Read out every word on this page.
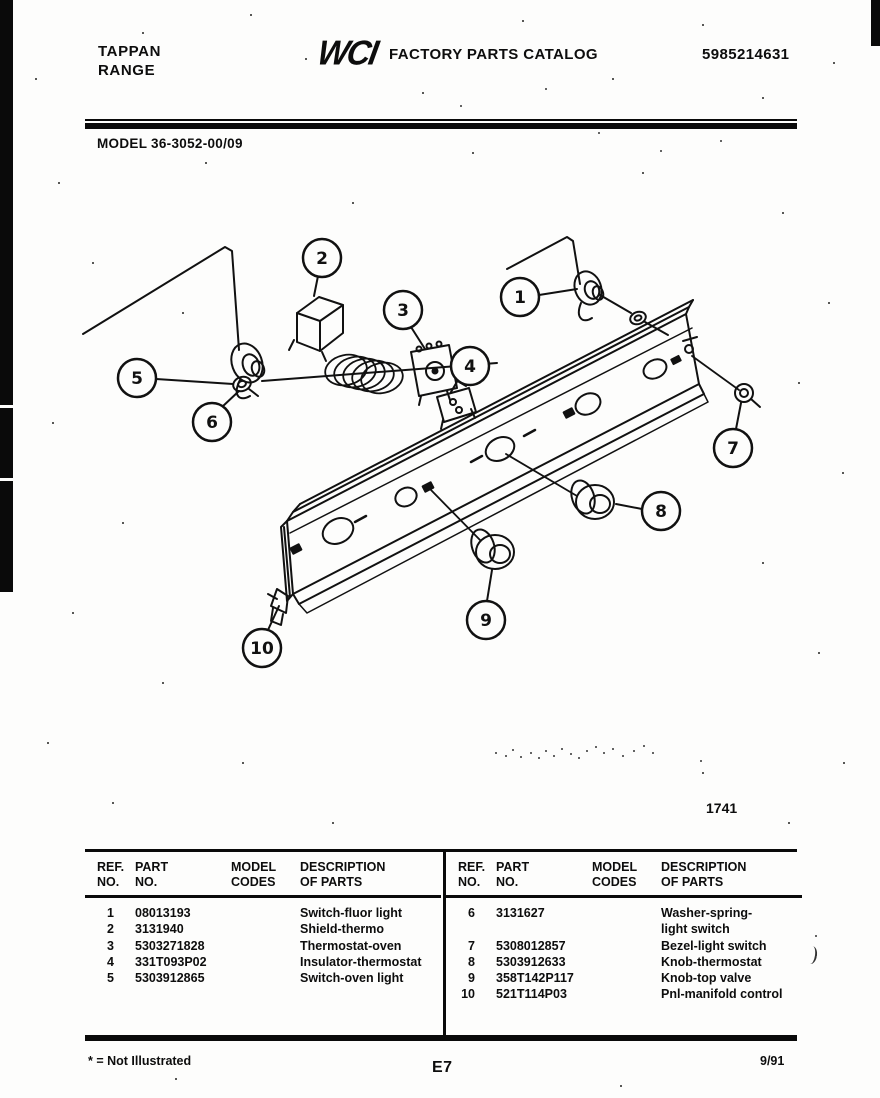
TAPPAN
RANGE	WCI FACTORY PARTS CATALOG	5985214631
MODEL 36-3052-00/09
1
2
3
4
5
6
7
8
9
10
1741
REF.
NO.
PART
NO.
MODEL
CODES
DESCRIPTION
OF PARTS
1 08013193	Switch-fluor light
2 3131940	Shield-thermo
3 5303271828	Thermostat-oven
4 331T093P02	Insulator-thermostat
5 5303912865	Switch-oven light
REF.
NO.
PART
NO.
MODEL
CODES
DESCRIPTION
OF PARTS
6 3131627	Washer-spring-
light switch
7 5308012857	Bezel-light switch
8 5303912633	Knob-thermostat
9 358T142P117	Knob-top valve
10 521T114P03	Pnl-manifold control
* = Not Illustrated	E7	9/91
